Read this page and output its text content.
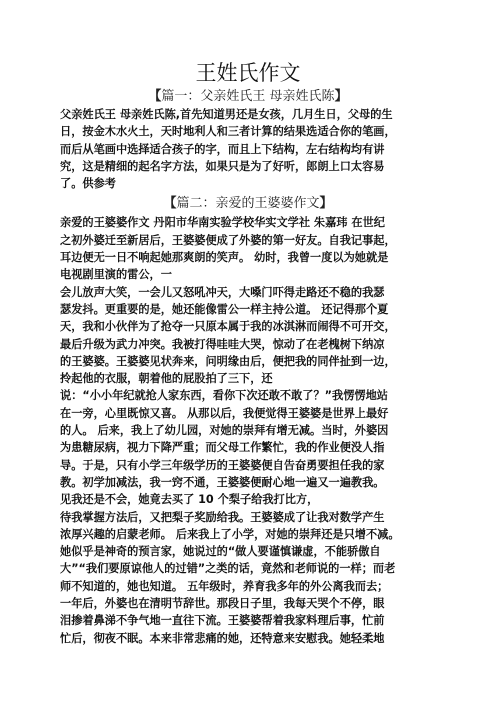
王姓氏作文
【篇一：父亲姓氏王 母亲姓氏陈】
父亲姓氏王 母亲姓氏陈,首先知道男还是女孩，几月生日，父母的生
日，按金木水火土，天时地利人和三者计算的结果选适合你的笔画，
而后从笔画中选择适合孩子的字，而且上下结构，左右结构均有讲
究，这是精细的起名字方法，如果只是为了好听，郎朗上口太容易
了。供参考
【篇二：亲爱的王婆婆作文】
亲爱的王婆婆作文 丹阳市华南实验学校华实文学社 朱嘉玮 在世纪
之初外婆迁至新居后，王婆婆便成了外婆的第一好友。自我记事起，
耳边便无一日不响起她那爽朗的笑声。 幼时，我曾一度以为她就是
电视剧里演的雷公，一
会儿放声大笑，一会儿又怒吼冲天，大嗓门吓得走路还不稳的我瑟
瑟发抖。更重要的是，她还能像雷公一样主持公道。 还记得那个夏
天，我和小伙伴为了抢夺一只原本属于我的冰淇淋而闹得不可开交，
最后升级为武力冲突。我被打得哇哇大哭，惊动了在老槐树下纳凉
的王婆婆。王婆婆见状奔来，问明缘由后，便把我的同伴扯到一边，
拎起他的衣服，朝着他的屁股拍了三下，还
说：“小小年纪就抢人家东西，看你下次还敢不敢了？”我愣愣地站
在一旁，心里既惊又喜。 从那以后，我便觉得王婆婆是世界上最好
的人。 后来，我上了幼儿园，对她的崇拜有增无减。当时，外婆因
为患糖尿病，视力下降严重；而父母工作繁忙，我的作业便没人指
导。于是，只有小学三年级学历的王婆婆便自告奋勇要担任我的家
教。初学加减法，我一窍不通，王婆婆便耐心地一遍又一遍教我。
见我还是不会，她竟去买了 10 个梨子给我打比方，
待我掌握方法后，又把梨子奖励给我。王婆婆成了让我对数学产生
浓厚兴趣的启蒙老师。 后来我上了小学，对她的崇拜还是只增不减。
她似乎是神奇的预言家，她说过的“做人要谨慎谦虚，不能骄傲自
大”“我们要原谅他人的过错”之类的话，竟然和老师说的一样；而老
师不知道的，她也知道。 五年级时，养育我多年的外公离我而去；
一年后，外婆也在清明节辞世。那段日子里，我每天哭个不停，眼
泪掺着鼻涕不争气地一直往下流。王婆婆帮着我家料理后事，忙前
忙后，彻夜不眠。本来非常悲痛的她，还特意来安慰我。她轻柔地
